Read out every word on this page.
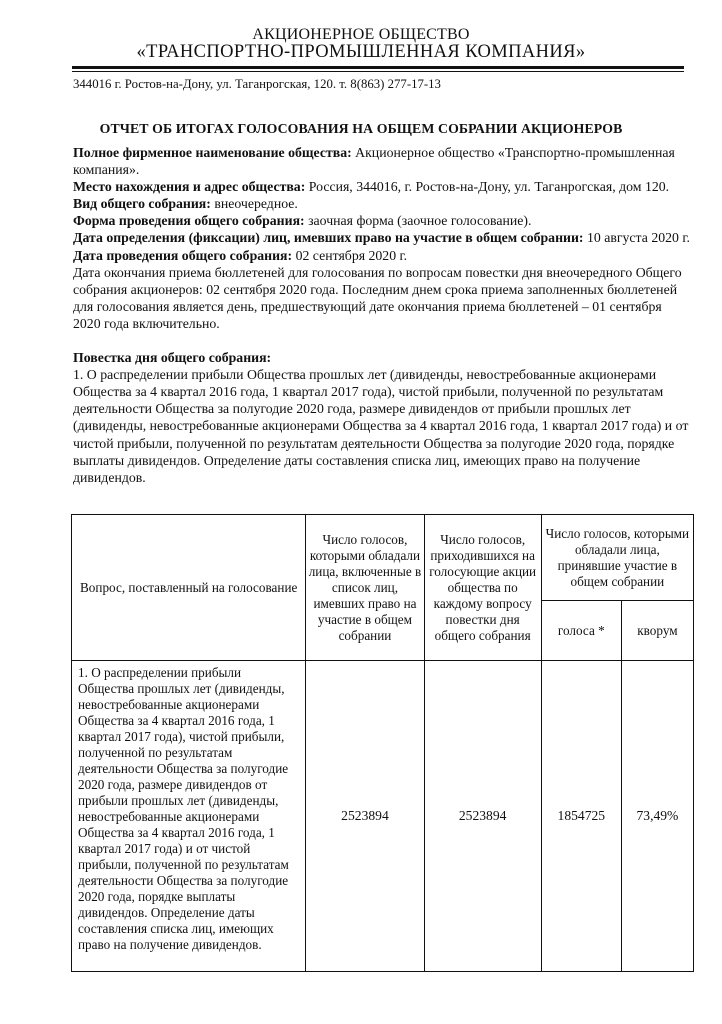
АКЦИОНЕРНОЕ ОБЩЕСТВО
«ТРАНСПОРТНО-ПРОМЫШЛЕННАЯ КОМПАНИЯ»
344016 г. Ростов-на-Дону, ул. Таганрогская, 120. т. 8(863) 277-17-13
ОТЧЕТ ОБ ИТОГАХ ГОЛОСОВАНИЯ НА ОБЩЕМ СОБРАНИИ АКЦИОНЕРОВ

Полное фирменное наименование общества: Акционерное общество «Транспортно-промышленная компания».

Место нахождения и адрес общества: Россия, 344016, г. Ростов-на-Дону, ул. Таганрогская, дом 120.

Вид общего собрания: внеочередное.

Форма проведения общего собрания: заочная форма (заочное голосование).

Дата определения (фиксации) лиц, имевших право на участие в общем собрании: 10 августа 2020 г.

Дата проведения общего собрания: 02 сентября 2020 г.

Дата окончания приема бюллетеней для голосования по вопросам повестки дня внеочередного Общего собрания акционеров: 02 сентября 2020 года. Последним днем срока приема заполненных бюллетеней для голосования является день, предшествующий дате окончания приема бюллетеней – 01 сентября 2020 года включительно.

Повестка дня общего собрания:

1. О распределении прибыли Общества прошлых лет (дивиденды, невостребованные акционерами Общества за 4 квартал 2016 года, 1 квартал 2017 года), чистой прибыли, полученной по результатам деятельности Общества за полугодие 2020 года, размере дивидендов от прибыли прошлых лет (дивиденды, невостребованные акционерами Общества за 4 квартал 2016 года, 1 квартал 2017 года) и от чистой прибыли, полученной по результатам деятельности Общества за полугодие 2020 года, порядке выплаты дивидендов. Определение даты составления списка лиц, имеющих право на получение дивидендов.

Вопрос, поставленный на голосование	Число голосов, которыми обладали лица, включенные в список лиц, имевших право на участие в общем собрании	Число голосов, приходившихся на голосующие акции общества по каждому вопросу повестки дня общего собрания	Число голосов, которыми обладали лица, принявшие участие в общем собрании	
			голоса *	кворум
1. О распределении прибыли Общества прошлых лет (дивиденды, невостребованные акционерами Общества за 4 квартал 2016 года, 1 квартал 2017 года), чистой прибыли, полученной по результатам деятельности Общества за полугодие 2020 года, размере дивидендов от прибыли прошлых лет (дивиденды, невостребованные акционерами Общества за 4 квартал 2016 года, 1 квартал 2017 года) и от чистой прибыли, полученной по результатам деятельности Общества за полугодие 2020 года, порядке выплаты дивидендов. Определение даты составления списка лиц, имеющих право на получение дивидендов.	2523894	2523894	1854725	73,49%
